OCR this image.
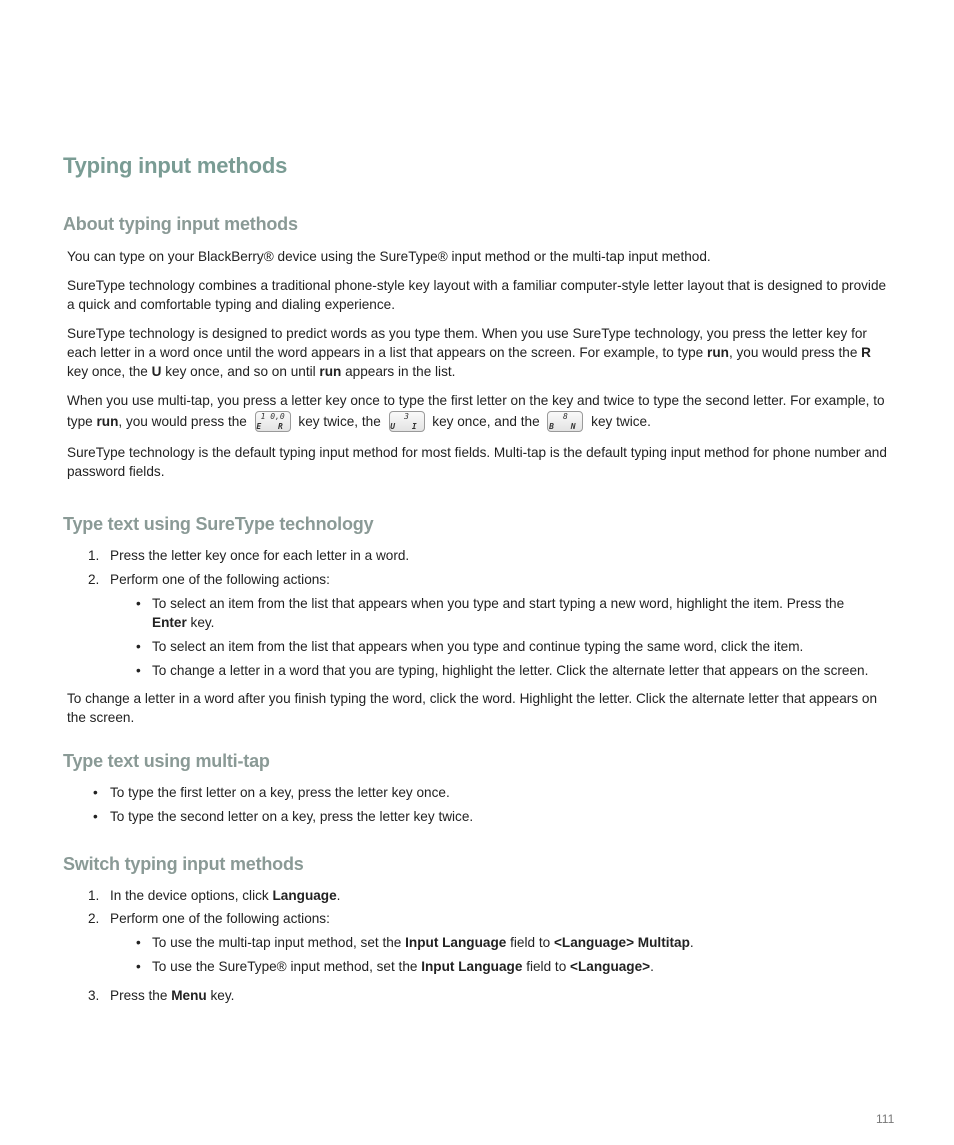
Typing input methods
About typing input methods

You can type on your BlackBerry® device using the SureType® input method or the multi-tap input method.

SureType technology combines a traditional phone-style key layout with a familiar computer-style letter layout that is designed to provide a quick and comfortable typing and dialing experience.

SureType technology is designed to predict words as you type them. When you use SureType technology, you press the letter key for each letter in a word once until the word appears in a list that appears on the screen. For example, to type run, you would press the R key once, the U key once, and so on until run appears in the list.

When you use multi-tap, you press a letter key once to type the first letter on the key and twice to type the second letter. For example, to type run, you would press the	1 0,0
E R key twice, the	3
U I key once, and the	8
B N key twice.

SureType technology is the default typing input method for most fields. Multi-tap is the default typing input method for phone number and password fields.

Type text using SureType technology
1. Press the letter key once for each letter in a word.

2. Perform one of the following actions:

• To select an item from the list that appears when you type and start typing a new word, highlight the item. Press the Enter key.

• To select an item from the list that appears when you type and continue typing the same word, click the item.

• To change a letter in a word that you are typing, highlight the letter. Click the alternate letter that appears on the screen.

To change a letter in a word after you finish typing the word, click the word. Highlight the letter. Click the alternate letter that appears on the screen.

Type text using multi-tap
• To type the first letter on a key, press the letter key once.

• To type the second letter on a key, press the letter key twice.

Switch typing input methods
1. In the device options, click Language.

2. Perform one of the following actions:

• To use the multi-tap input method, set the Input Language field to <Language> Multitap.

• To use the SureType® input method, set the Input Language field to <Language>.

3. Press the Menu key.

111
